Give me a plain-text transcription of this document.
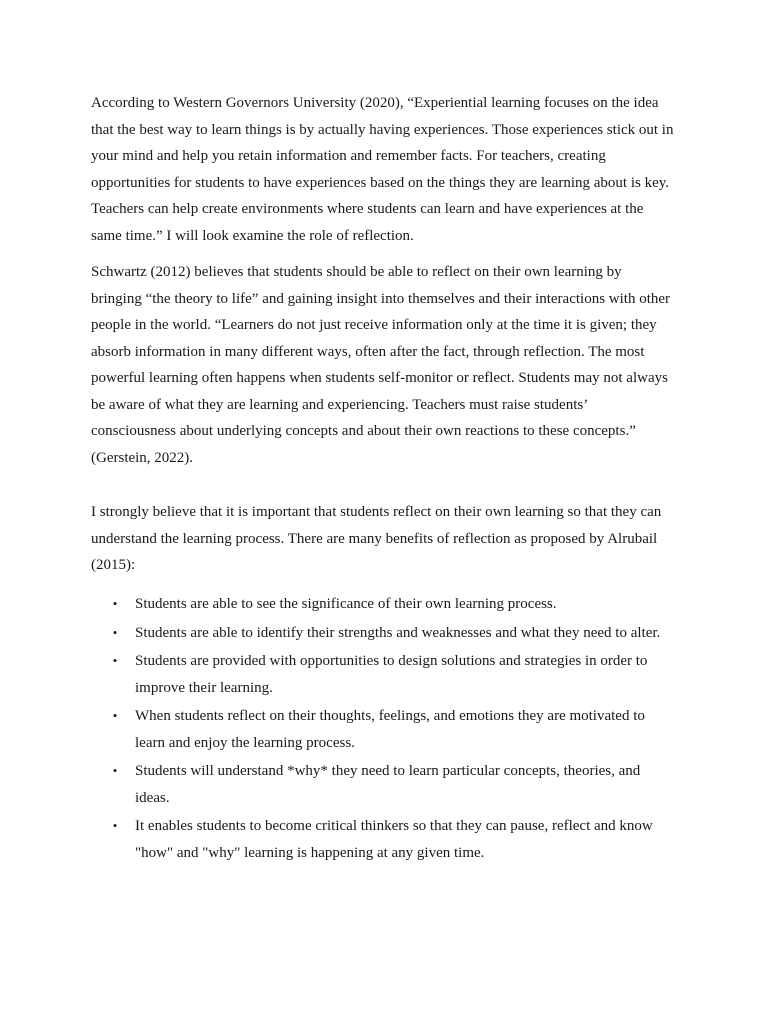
According to Western Governors University (2020), “Experiential learning focuses on the idea
that the best way to learn things is by actually having experiences. Those experiences stick out in
your mind and help you retain information and remember facts. For teachers, creating
opportunities for students to have experiences based on the things they are learning about is key.
Teachers can help create environments where students can learn and have experiences at the
same time.” I will look examine the role of reflection.
Schwartz (2012) believes that students should be able to reflect on their own learning by
bringing “the theory to life” and gaining insight into themselves and their interactions with other
people in the world. “Learners do not just receive information only at the time it is given; they
absorb information in many different ways, often after the fact, through reflection. The most
powerful learning often happens when students self-monitor or reflect. Students may not always
be aware of what they are learning and experiencing. Teachers must raise students’
consciousness about underlying concepts and about their own reactions to these concepts.”
(Gerstein, 2022).
I strongly believe that it is important that students reflect on their own learning so that they can
understand the learning process. There are many benefits of reflection as proposed by Alrubail
(2015):
• Students are able to see the significance of their own learning process.
• Students are able to identify their strengths and weaknesses and what they need to alter.
• Students are provided with opportunities to design solutions and strategies in order to
improve their learning.
• When students reflect on their thoughts, feelings, and emotions they are motivated to
learn and enjoy the learning process.
• Students will understand *why* they need to learn particular concepts, theories, and
ideas.
• It enables students to become critical thinkers so that they can pause, reflect and know
"how" and "why" learning is happening at any given time.
